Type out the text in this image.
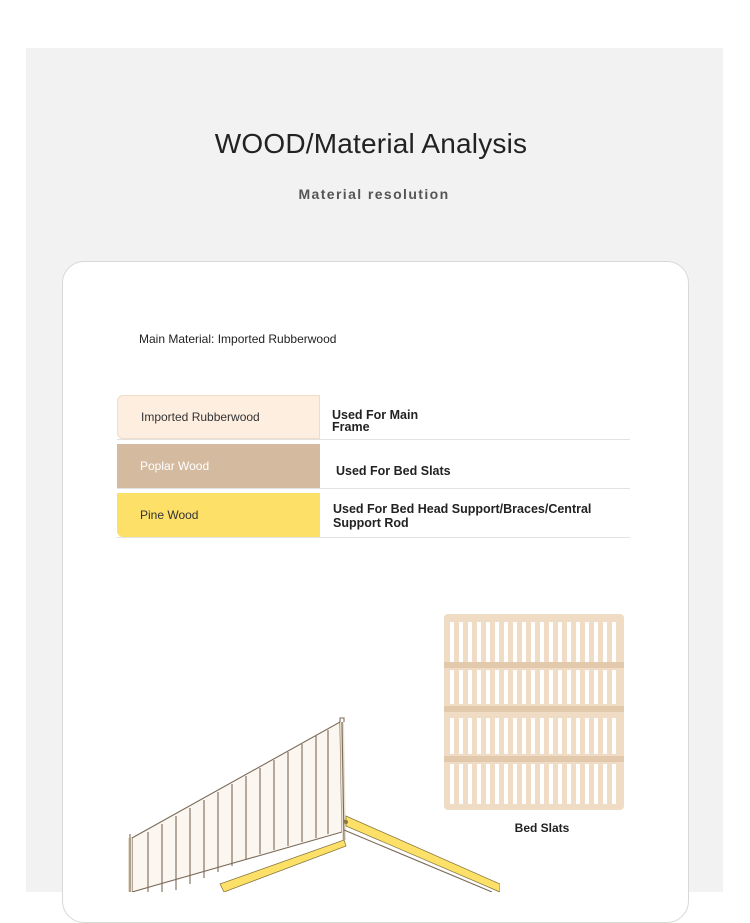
WOOD/Material Analysis
Material resolution
Main Material: Imported Rubberwood
Imported Rubberwood	Used For Main Frame
Poplar Wood	Used For Bed Slats
Pine Wood	Used For Bed Head Support/Braces/Central Support Rod
Bed Slats
